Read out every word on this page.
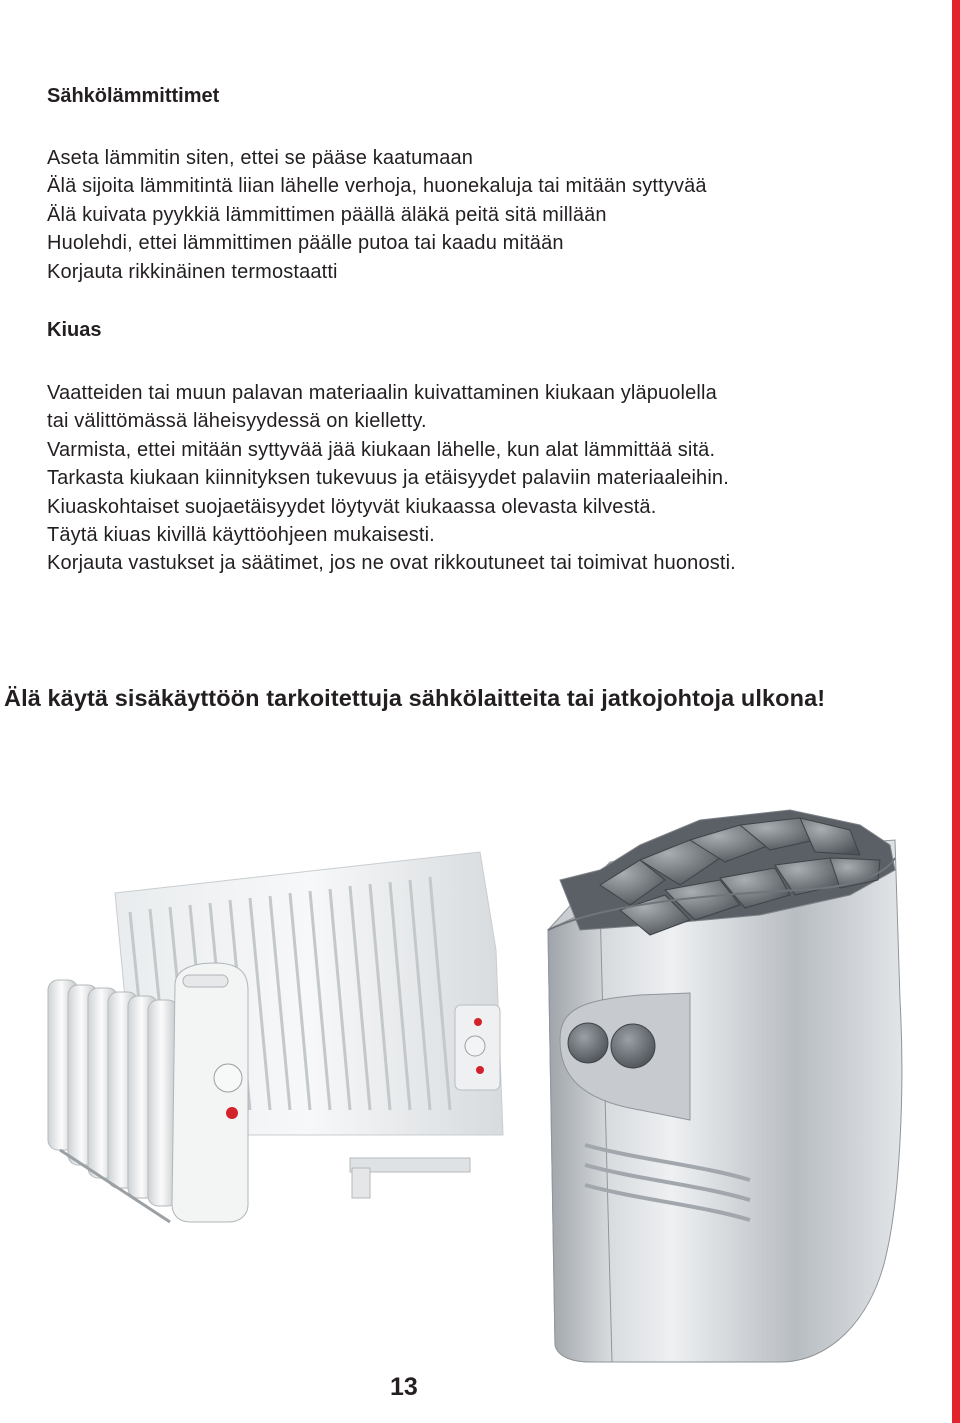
Sähkölämmittimet
Aseta lämmitin siten, ettei se pääse kaatumaan
Älä sijoita lämmitintä liian lähelle verhoja, huonekaluja tai mitään syttyvää
Älä kuivata pyykkiä lämmittimen päällä äläkä peitä sitä millään
Huolehdi, ettei lämmittimen päälle putoa tai kaadu mitään
Korjauta rikkinäinen termostaatti
Kiuas
Vaatteiden tai muun palavan materiaalin kuivattaminen kiukaan yläpuolella
tai välittömässä läheisyydessä on kielletty.
Varmista, ettei mitään syttyvää jää kiukaan lähelle, kun alat lämmittää sitä.
Tarkasta kiukaan kiinnityksen tukevuus ja etäisyydet palaviin materiaaleihin.
Kiuaskohtaiset suojaetäisyydet löytyvät kiukaassa olevasta kilvestä.
Täytä kiuas kivillä käyttöohjeen mukaisesti.
Korjauta vastukset ja säätimet, jos ne ovat rikkoutuneet tai toimivat huonosti.

Älä käytä sisäkäyttöön tarkoitettuja sähkölaitteita tai jatkojohtoja ulkona!

13
